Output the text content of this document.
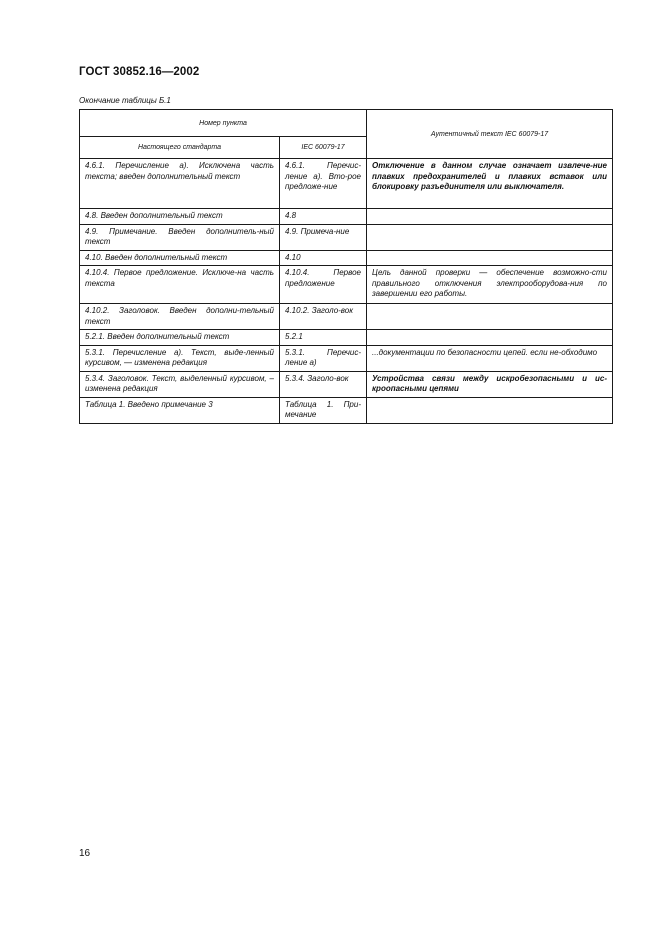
ГОСТ 30852.16—2002
Окончание таблицы Б.1
Номер пункта		Аутентичный текст IEC 60079-17
Настоящего стандарта	IEC 60079-17	
4.6.1. Перечисление а). Исключена часть текста; введен дополнительный текст	4.6.1. Перечис-ление а). Вто-рое предложе-ние	Отключение в данном случае означает извлече-ние плавких предохранителей и плавких вставок или блокировку разъединителя или выключателя.
4.8. Введен дополнительный текст	4.8	
4.9. Примечание. Введен дополнитель-ный текст	4.9. Примеча-ние	
4.10. Введен дополнительный текст	4.10	
4.10.4. Первое предложение. Исключе-на часть текста	4.10.4. Первое предложение	Цель данной проверки — обеспечение возможно-сти правильного отключения электрооборудова-ния по завершении его работы.
4.10.2. Заголовок. Введен дополни-тельный текст	4.10.2. Заголо-вок	
5.2.1. Введен дополнительный текст	5.2.1	
5.3.1. Перечисление а). Текст, выде-ленный курсивом, — изменена редакция	5.3.1. Перечис-ление а)	...документации по безопасности цепей. если не-обходимо
5.3.4. Заголовок. Текст, выделенный курсивом, – изменена редакция	5.3.4. Заголо-вок	Устройства связи между искробезопасными и ис-кроопасными цепями
Таблица 1. Введено примечание 3	Таблица 1. При-мечание	
16
